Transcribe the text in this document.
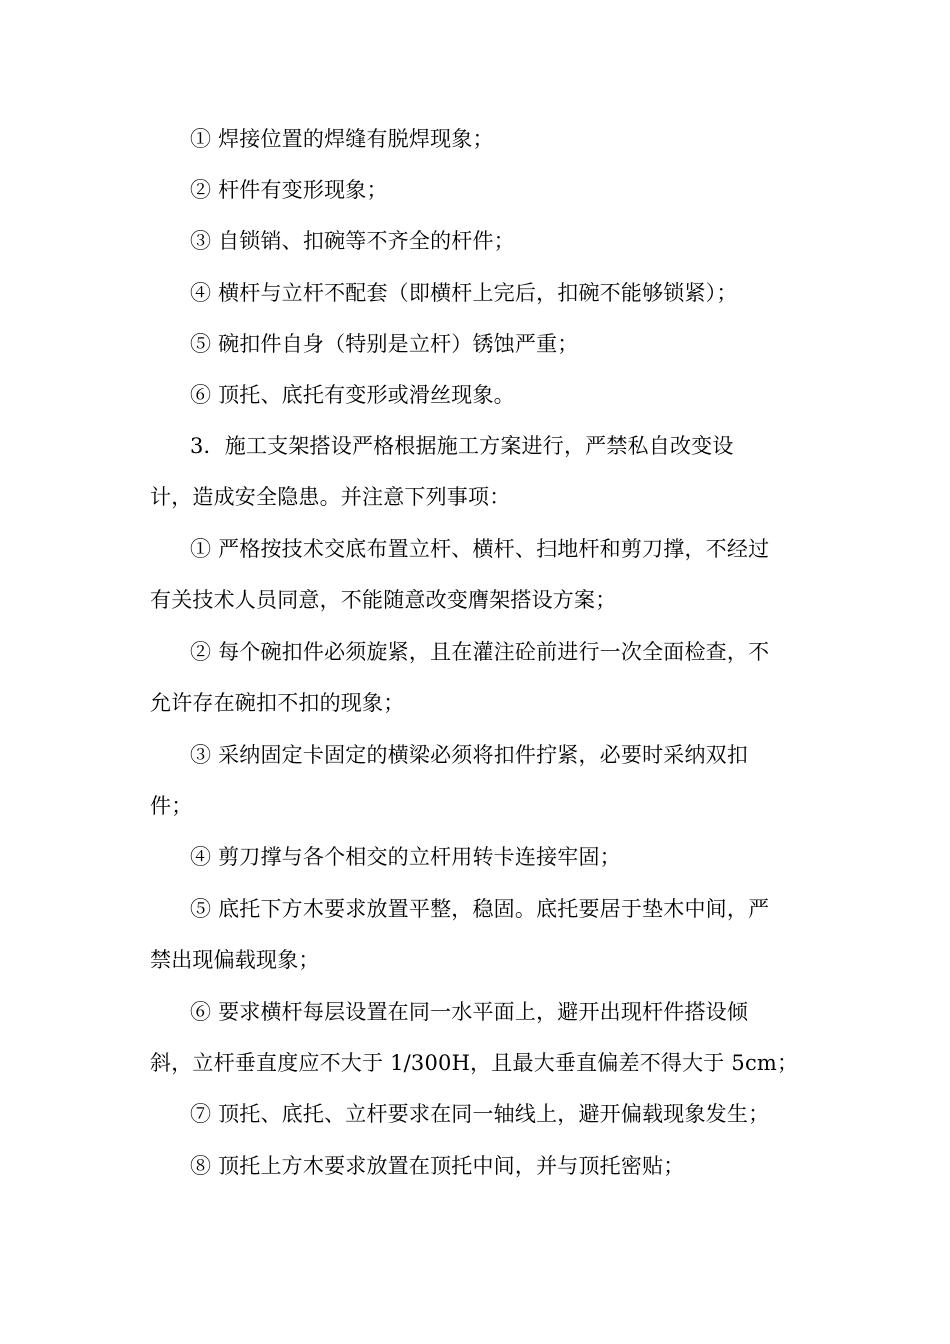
① 焊接位置的焊缝有脱焊现象；
② 杆件有变形现象；
③ 自锁销、扣碗等不齐全的杆件；
④ 横杆与立杆不配套（即横杆上完后，扣碗不能够锁紧）；
⑤ 碗扣件自身（特别是立杆）锈蚀严重；
⑥ 顶托、底托有变形或滑丝现象。
3．施工支架搭设严格根据施工方案进行，严禁私自改变设
计，造成安全隐患。并注意下列事项：
① 严格按技术交底布置立杆、横杆、扫地杆和剪刀撑，不经过
有关技术人员同意，不能随意改变膺架搭设方案；
② 每个碗扣件必须旋紧，且在灌注砼前进行一次全面检查，不
允许存在碗扣不扣的现象；
③ 采纳固定卡固定的横梁必须将扣件拧紧，必要时采纳双扣
件；
④ 剪刀撑与各个相交的立杆用转卡连接牢固；
⑤ 底托下方木要求放置平整，稳固。底托要居于垫木中间，严
禁出现偏载现象；
⑥ 要求横杆每层设置在同一水平面上，避开出现杆件搭设倾
斜，立杆垂直度应不大于 1/300H，且最大垂直偏差不得大于 5cm；
⑦ 顶托、底托、立杆要求在同一轴线上，避开偏载现象发生；
⑧ 顶托上方木要求放置在顶托中间，并与顶托密贴；
